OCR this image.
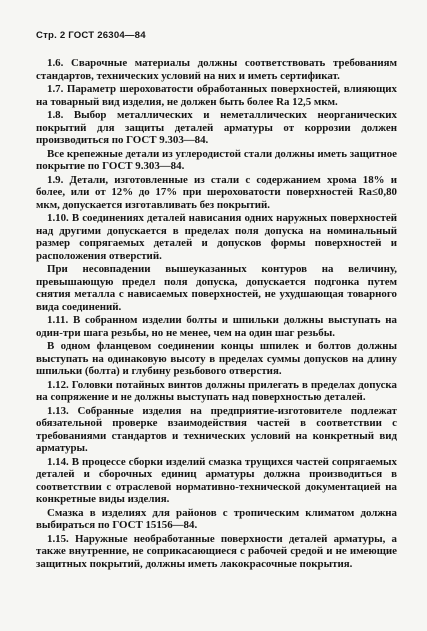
Стр. 2 ГОСТ 26304—84

1.6. Сварочные материалы должны соответствовать требованиям стандартов, технических условий на них и иметь сертификат.

1.7. Параметр шероховатости обработанных поверхностей, влияющих на товарный вид изделия, не должен быть более Ra 12,5 мкм.

1.8. Выбор металлических и неметаллических неорганических покрытий для защиты деталей арматуры от коррозии должен производиться по ГОСТ 9.303—84.

Все крепежные детали из углеродистой стали должны иметь защитное покрытие по ГОСТ 9.303—84.

1.9. Детали, изготовленные из стали с содержанием хрома 18% и более, или от 12% до 17% при шероховатости поверхностей Ra≤0,80 мкм, допускается изготавливать без покрытий.

1.10. В соединениях деталей нависания одних наружных поверхностей над другими допускается в пределах поля допуска на номинальный размер сопрягаемых деталей и допусков формы поверхностей и расположения отверстий.

При несовпадении вышеуказанных контуров на величину, превышающую предел поля допуска, допускается подгонка путем снятия металла с нависаемых поверхностей, не ухудшающая товарного вида соединений.

1.11. В собранном изделии болты и шпильки должны выступать на один-три шага резьбы, но не менее, чем на один шаг резьбы.

В одном фланцевом соединении концы шпилек и болтов должны выступать на одинаковую высоту в пределах суммы допусков на длину шпильки (болта) и глубину резьбового отверстия.

1.12. Головки потайных винтов должны прилегать в пределах допуска на сопряжение и не должны выступать над поверхностью деталей.

1.13. Собранные изделия на предприятие-изготовителе подлежат обязательной проверке взаимодействия частей в соответствии с требованиями стандартов и технических условий на конкретный вид арматуры.

1.14. В процессе сборки изделий смазка трущихся частей сопрягаемых деталей и сборочных единиц арматуры должна производиться в соответствии с отраслевой нормативно-технической документацией на конкретные виды изделия.

Смазка в изделиях для районов с тропическим климатом должна выбираться по ГОСТ 15156—84.

1.15. Наружные необработанные поверхности деталей арматуры, а также внутренние, не соприкасающиеся с рабочей средой и не имеющие защитных покрытий, должны иметь лакокрасочные покрытия.
